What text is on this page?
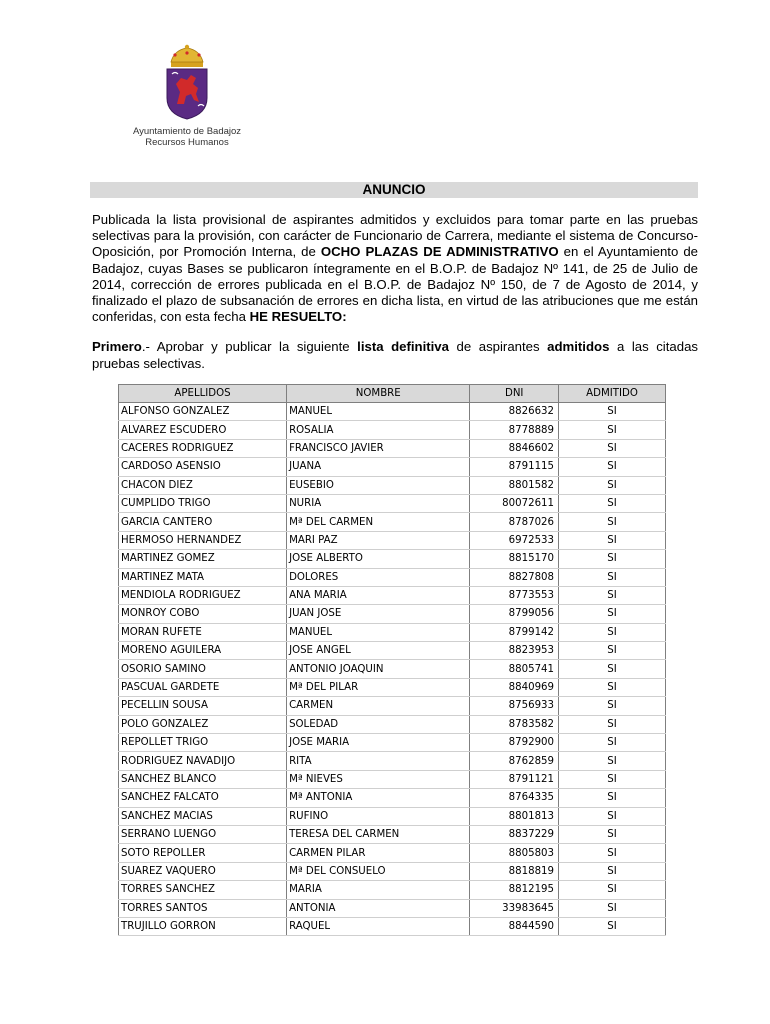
Ayuntamiento de Badajoz
Recursos Humanos
ANUNCIO

Publicada la lista provisional de aspirantes admitidos y excluidos para tomar parte en las pruebas selectivas para la provisión, con carácter de Funcionario de Carrera, mediante el sistema de Concurso-Oposición, por Promoción Interna, de OCHO PLAZAS DE ADMINISTRATIVO en el Ayuntamiento de Badajoz, cuyas Bases se publicaron íntegramente en el B.O.P. de Badajoz Nº 141, de 25 de Julio de 2014, corrección de errores publicada en el B.O.P. de Badajoz Nº 150, de 7 de Agosto de 2014, y finalizado el plazo de subsanación de errores en dicha lista, en virtud de las atribuciones que me están conferidas, con esta fecha HE RESUELTO:

Primero.- Aprobar y publicar la siguiente lista definitiva de aspirantes admitidos a las citadas pruebas selectivas.

APELLIDOS	NOMBRE	DNI	ADMITIDO
ALFONSO GONZALEZ	MANUEL	8826632	SI
ALVAREZ ESCUDERO	ROSALIA	8778889	SI
CACERES RODRIGUEZ	FRANCISCO JAVIER	8846602	SI
CARDOSO ASENSIO	JUANA	8791115	SI
CHACON DIEZ	EUSEBIO	8801582	SI
CUMPLIDO TRIGO	NURIA	80072611	SI
GARCIA CANTERO	Mª DEL CARMEN	8787026	SI
HERMOSO HERNANDEZ	MARI PAZ	6972533	SI
MARTINEZ GOMEZ	JOSE ALBERTO	8815170	SI
MARTINEZ MATA	DOLORES	8827808	SI
MENDIOLA RODRIGUEZ	ANA MARIA	8773553	SI
MONROY COBO	JUAN JOSE	8799056	SI
MORAN RUFETE	MANUEL	8799142	SI
MORENO AGUILERA	JOSE ANGEL	8823953	SI
OSORIO SAMINO	ANTONIO JOAQUIN	8805741	SI
PASCUAL GARDETE	Mª DEL PILAR	8840969	SI
PECELLIN SOUSA	CARMEN	8756933	SI
POLO GONZALEZ	SOLEDAD	8783582	SI
REPOLLET TRIGO	JOSE MARIA	8792900	SI
RODRIGUEZ NAVADIJO	RITA	8762859	SI
SANCHEZ BLANCO	Mª NIEVES	8791121	SI
SANCHEZ FALCATO	Mª ANTONIA	8764335	SI
SANCHEZ MACIAS	RUFINO	8801813	SI
SERRANO LUENGO	TERESA DEL CARMEN	8837229	SI
SOTO REPOLLER	CARMEN PILAR	8805803	SI
SUAREZ VAQUERO	Mª DEL CONSUELO	8818819	SI
TORRES SANCHEZ	MARIA	8812195	SI
TORRES SANTOS	ANTONIA	33983645	SI
TRUJILLO GORRON	RAQUEL	8844590	SI
